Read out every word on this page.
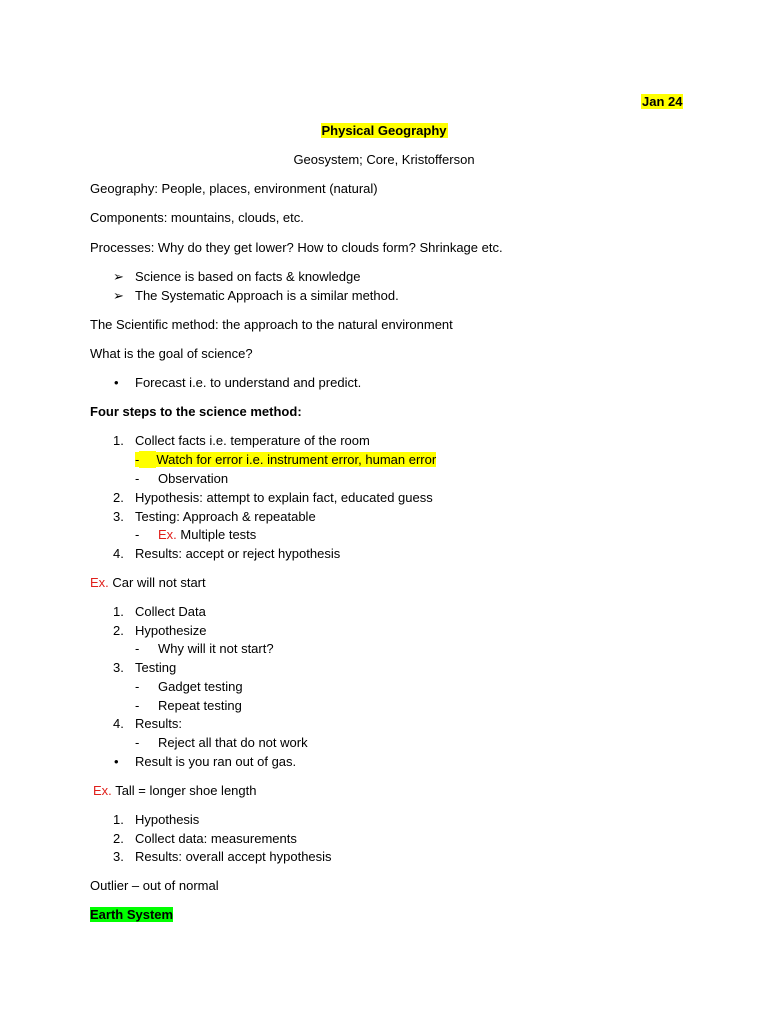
Jan 24
Physical Geography
Geosystem; Core, Kristofferson
Geography: People, places, environment (natural)
Components: mountains, clouds, etc.
Processes: Why do they get lower? How to clouds form? Shrinkage etc.
➢ Science is based on facts & knowledge
➢ The Systematic Approach is a similar method.
The Scientific method: the approach to the natural environment
What is the goal of science?
• Forecast i.e. to understand and predict.
Four steps to the science method:
1. Collect facts i.e. temperature of the room
- Watch for error i.e. instrument error, human error
- Observation
2. Hypothesis: attempt to explain fact, educated guess
3. Testing: Approach & repeatable
- Ex. Multiple tests
4. Results: accept or reject hypothesis
Ex. Car will not start
1. Collect Data
2. Hypothesize
- Why will it not start?
3. Testing
- Gadget testing
- Repeat testing
4. Results:
- Reject all that do not work
• Result is you ran out of gas.
Ex. Tall = longer shoe length
1. Hypothesis
2. Collect data: measurements
3. Results: overall accept hypothesis
Outlier – out of normal
Earth System
